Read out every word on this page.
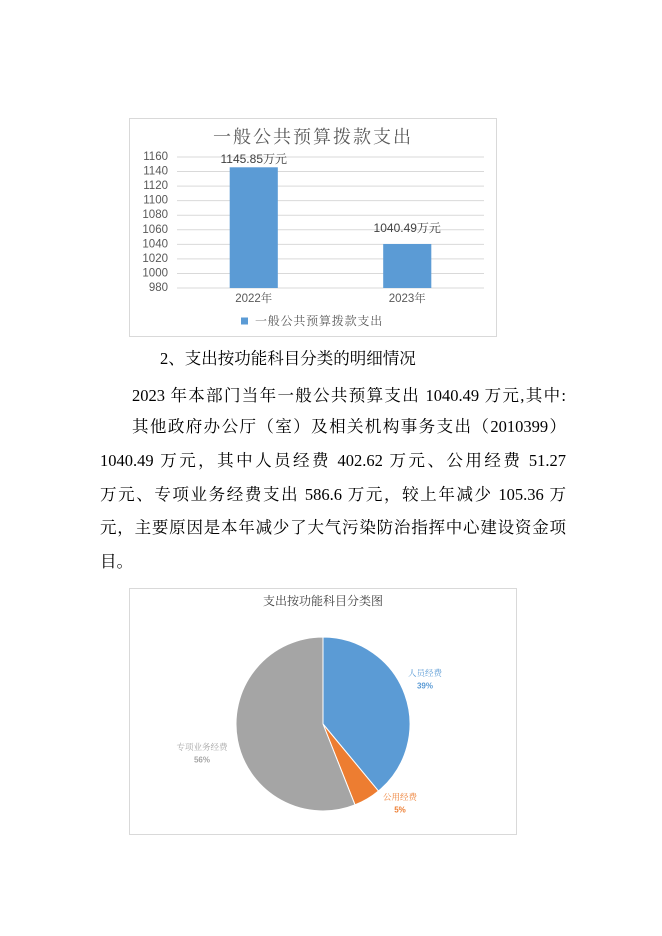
一般公共预算拨款支出
980
1000
1020
1040
1060
1080
1100
1120
1140
1160	1145.85万元
1040.49万元
2022年	2023年
一般公共预算拨款支出
2、支出按功能科目分类的明细情况
2023 年本部门当年一般公共预算支出 1040.49 万元,其中:
其他政府办公厅（室）及相关机构事务支出（2010399）
1040.49 万元，其中人员经费 402.62 万元、公用经费 51.27
万元、专项业务经费支出 586.6 万元，较上年减少 105.36 万
元，主要原因是本年减少了大气污染防治指挥中心建设资金项
目。
支出按功能科目分类图
人员经费
39%
公用经费
5%
专项业务经费
56%
